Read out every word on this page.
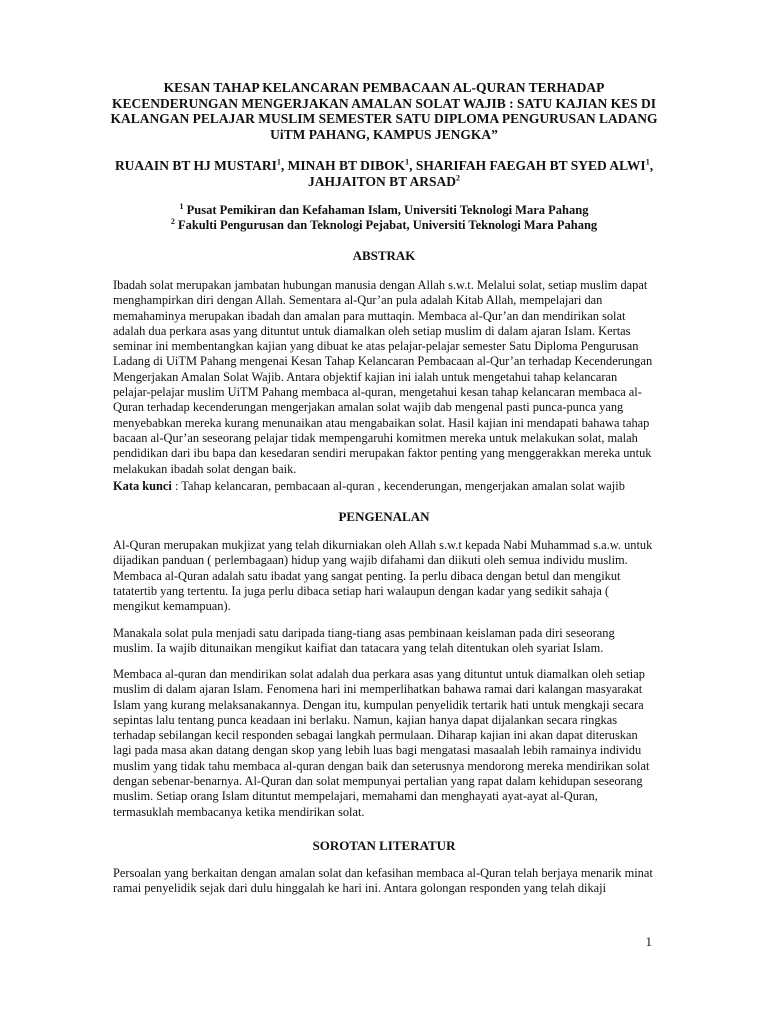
KESAN TAHAP KELANCARAN PEMBACAAN AL-QURAN TERHADAP KECENDERUNGAN MENGERJAKAN AMALAN SOLAT WAJIB : SATU KAJIAN KES DI KALANGAN PELAJAR MUSLIM SEMESTER SATU DIPLOMA PENGURUSAN LADANG UiTM PAHANG, KAMPUS JENGKA”
RUAAIN BT HJ MUSTARI$^1$, MINAH BT DIBOK$^1$, SHARIFAH FAEGAH BT SYED ALWI$^1$,
JAHJAITON BT ARSAD$^2$
$^1$ Pusat Pemikiran dan Kefahaman Islam, Universiti Teknologi Mara Pahang
$^2$ Fakulti Pengurusan dan Teknologi Pejabat, Universiti Teknologi Mara Pahang
ABSTRAK

Ibadah solat merupakan jambatan hubungan manusia dengan Allah s.w.t. Melalui solat, setiap muslim dapat menghampirkan diri dengan Allah. Sementara al-Qur’an pula adalah Kitab Allah, mempelajari dan memahaminya merupakan ibadah dan amalan para muttaqin. Membaca al-Qur’an dan mendirikan solat adalah dua perkara asas yang dituntut untuk diamalkan oleh setiap muslim di dalam ajaran Islam. Kertas seminar ini membentangkan kajian yang dibuat ke atas pelajar-pelajar semester Satu Diploma Pengurusan Ladang di UiTM Pahang mengenai Kesan Tahap Kelancaran Pembacaan al-Qur’an terhadap Kecenderungan Mengerjakan Amalan Solat Wajib. Antara objektif kajian ini ialah untuk mengetahui tahap kelancaran pelajar-pelajar muslim UiTM Pahang membaca al-quran, mengetahui kesan tahap kelancaran membaca al-Quran terhadap kecenderungan mengerjakan amalan solat wajib dab mengenal pasti punca-punca yang menyebabkan mereka kurang menunaikan atau mengabaikan solat. Hasil kajian ini mendapati bahawa tahap bacaan al-Qur’an seseorang pelajar tidak mempengaruhi komitmen mereka untuk melakukan solat, malah pendidikan dari ibu bapa dan kesedaran sendiri merupakan faktor penting yang menggerakkan mereka untuk melakukan ibadah solat dengan baik.

Kata kunci : Tahap kelancaran, pembacaan al-quran , kecenderungan, mengerjakan amalan solat wajib

PENGENALAN

Al-Quran merupakan mukjizat yang telah dikurniakan oleh Allah s.w.t kepada Nabi Muhammad s.a.w. untuk dijadikan panduan ( perlembagaan) hidup yang wajib difahami dan diikuti oleh semua individu muslim. Membaca al-Quran adalah satu ibadat yang sangat penting. Ia perlu dibaca dengan betul dan mengikut tatatertib yang tertentu. Ia juga perlu dibaca setiap hari walaupun dengan kadar yang sedikit sahaja ( mengikut kemampuan).

Manakala solat pula menjadi satu daripada tiang-tiang asas pembinaan keislaman pada diri seseorang muslim. Ia wajib ditunaikan mengikut kaifiat dan tatacara yang telah ditentukan oleh syariat Islam.

Membaca al-quran dan mendirikan solat adalah dua perkara asas yang dituntut untuk diamalkan oleh setiap muslim di dalam ajaran Islam. Fenomena hari ini memperlihatkan bahawa ramai dari kalangan masyarakat Islam yang kurang melaksanakannya. Dengan itu, kumpulan penyelidik tertarik hati untuk mengkaji secara sepintas lalu tentang punca keadaan ini berlaku. Namun, kajian hanya dapat dijalankan secara ringkas terhadap sebilangan kecil responden sebagai langkah permulaan. Diharap kajian ini akan dapat diteruskan lagi pada masa akan datang dengan skop yang lebih luas bagi mengatasi masaalah lebih ramainya individu muslim yang tidak tahu membaca al-quran dengan baik dan seterusnya mendorong mereka mendirikan solat dengan sebenar-benarnya. Al-Quran dan solat mempunyai pertalian yang rapat dalam kehidupan seseorang muslim. Setiap orang Islam dituntut mempelajari, memahami dan menghayati ayat-ayat al-Quran, termasuklah membacanya ketika mendirikan solat.

SOROTAN LITERATUR

Persoalan yang berkaitan dengan amalan solat dan kefasihan membaca al-Quran telah berjaya menarik minat ramai penyelidik sejak dari dulu hinggalah ke hari ini. Antara golongan responden yang telah dikaji

1
